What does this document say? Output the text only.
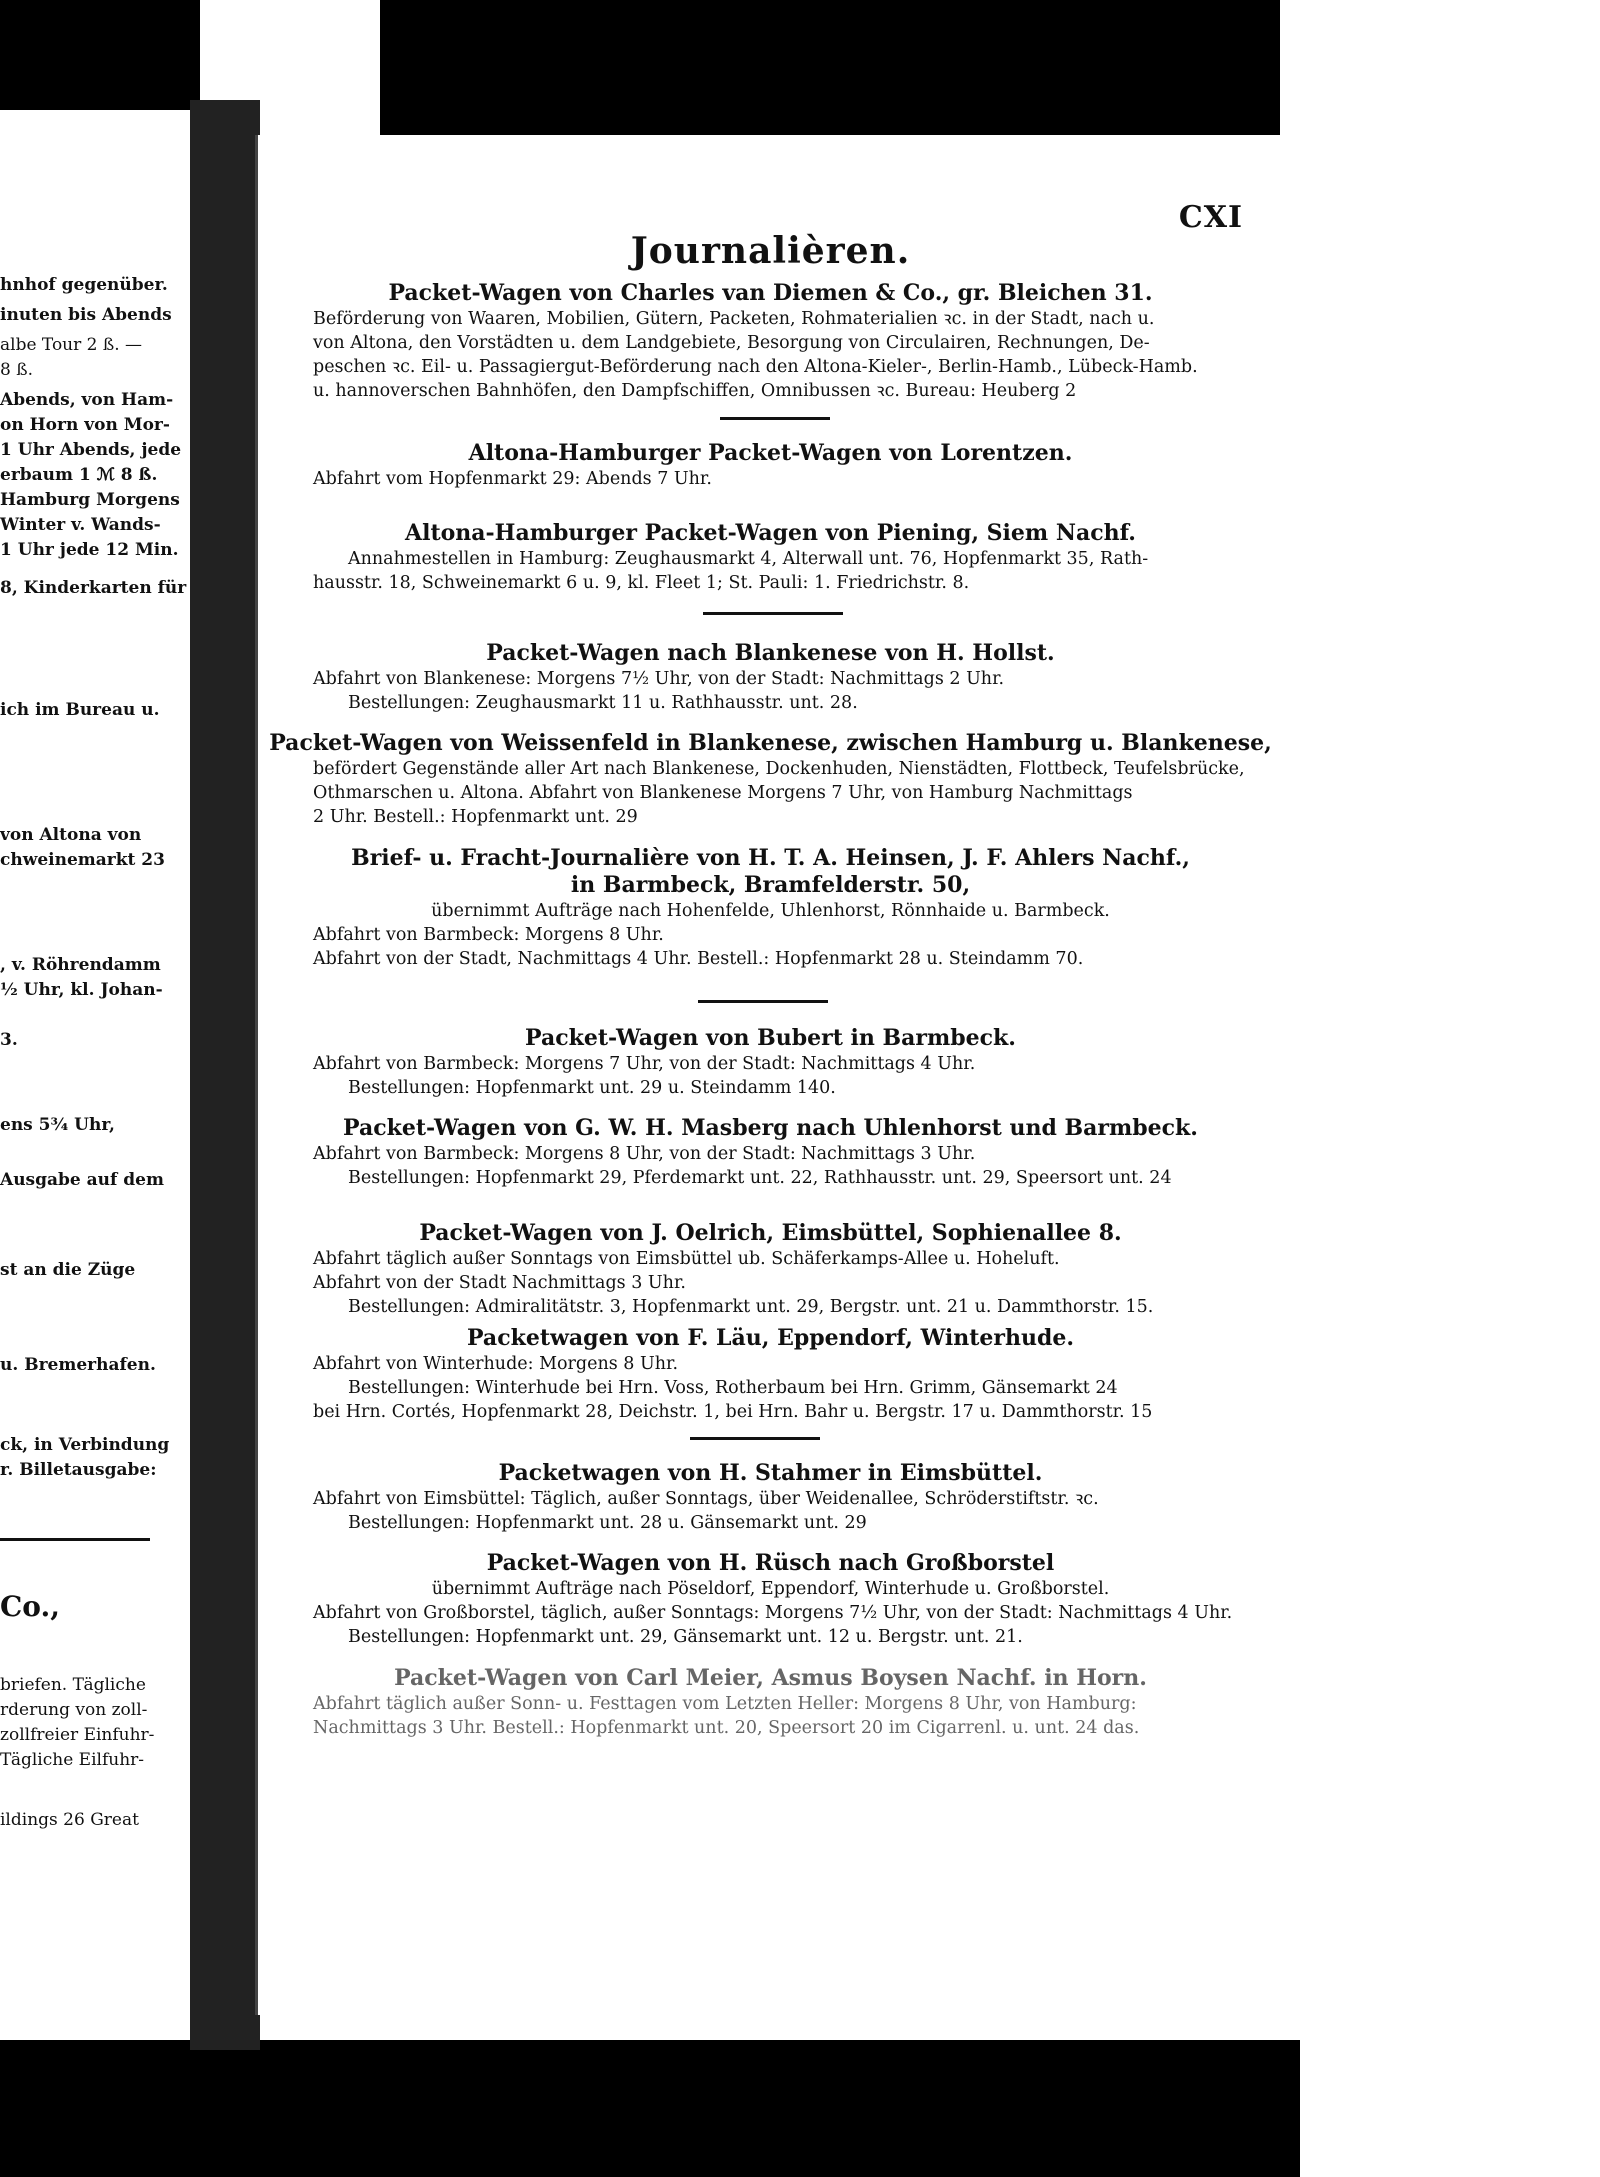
hnhof gegenüber.
inuten bis Abends
albe Tour 2 ß. —
8 ß.
Abends, von Ham-
on Horn von Mor-
1 Uhr Abends, jede
erbaum 1 ℳ 8 ß.
Hamburg Morgens
Winter v. Wands-
1 Uhr jede 12 Min.
8, Kinderkarten für
ich im Bureau u.
von Altona von
chweinemarkt 23
, v. Röhrendamm
½ Uhr, kl. Johan-
3.
ens 5¾ Uhr,
Ausgabe auf dem
st an die Züge
u. Bremerhafen.
ck, in Verbindung
r. Billetausgabe:
Co.,
briefen. Tägliche
rderung von zoll-
zollfreier Einfuhr-
Tägliche Eilfuhr-
ildings 26 Great
CXI
Journalièren.
Packet-Wagen von Charles van Diemen & Co., gr. Bleichen 31.
Beförderung von Waaren, Mobilien, Gütern, Packeten, Rohmaterialien ꝛc. in der Stadt, nach u.
von Altona, den Vorstädten u. dem Landgebiete, Besorgung von Circulairen, Rechnungen, De-
peschen ꝛc. Eil- u. Passagiergut-Beförderung nach den Altona-Kieler-, Berlin-Hamb., Lübeck-Hamb.
u. hannoverschen Bahnhöfen, den Dampfschiffen, Omnibussen ꝛc. Bureau: Heuberg 2
Altona-Hamburger Packet-Wagen von Lorentzen.
Abfahrt vom Hopfenmarkt 29: Abends 7 Uhr.
Altona-Hamburger Packet-Wagen von Piening, Siem Nachf.
Annahmestellen in Hamburg: Zeughausmarkt 4, Alterwall unt. 76, Hopfenmarkt 35, Rath-
hausstr. 18, Schweinemarkt 6 u. 9, kl. Fleet 1; St. Pauli: 1. Friedrichstr. 8.
Packet-Wagen nach Blankenese von H. Hollst.
Abfahrt von Blankenese: Morgens 7½ Uhr, von der Stadt: Nachmittags 2 Uhr.
Bestellungen: Zeughausmarkt 11 u. Rathhausstr. unt. 28.
Packet-Wagen von Weissenfeld in Blankenese, zwischen Hamburg u. Blankenese,
befördert Gegenstände aller Art nach Blankenese, Dockenhuden, Nienstädten, Flottbeck, Teufelsbrücke,
Othmarschen u. Altona. Abfahrt von Blankenese Morgens 7 Uhr, von Hamburg Nachmittags
2 Uhr. Bestell.: Hopfenmarkt unt. 29
Brief- u. Fracht-Journalière von H. T. A. Heinsen, J. F. Ahlers Nachf.,
in Barmbeck, Bramfelderstr. 50,
übernimmt Aufträge nach Hohenfelde, Uhlenhorst, Rönnhaide u. Barmbeck.
Abfahrt von Barmbeck: Morgens 8 Uhr.
Abfahrt von der Stadt, Nachmittags 4 Uhr. Bestell.: Hopfenmarkt 28 u. Steindamm 70.
Packet-Wagen von Bubert in Barmbeck.
Abfahrt von Barmbeck: Morgens 7 Uhr, von der Stadt: Nachmittags 4 Uhr.
Bestellungen: Hopfenmarkt unt. 29 u. Steindamm 140.
Packet-Wagen von G. W. H. Masberg nach Uhlenhorst und Barmbeck.
Abfahrt von Barmbeck: Morgens 8 Uhr, von der Stadt: Nachmittags 3 Uhr.
Bestellungen: Hopfenmarkt 29, Pferdemarkt unt. 22, Rathhausstr. unt. 29, Speersort unt. 24
Packet-Wagen von J. Oelrich, Eimsbüttel, Sophienallee 8.
Abfahrt täglich außer Sonntags von Eimsbüttel ub. Schäferkamps-Allee u. Hoheluft.
Abfahrt von der Stadt Nachmittags 3 Uhr.
Bestellungen: Admiralitätstr. 3, Hopfenmarkt unt. 29, Bergstr. unt. 21 u. Dammthorstr. 15.
Packetwagen von F. Läu, Eppendorf, Winterhude.
Abfahrt von Winterhude: Morgens 8 Uhr.
Bestellungen: Winterhude bei Hrn. Voss, Rotherbaum bei Hrn. Grimm, Gänsemarkt 24
bei Hrn. Cortés, Hopfenmarkt 28, Deichstr. 1, bei Hrn. Bahr u. Bergstr. 17 u. Dammthorstr. 15
Packetwagen von H. Stahmer in Eimsbüttel.
Abfahrt von Eimsbüttel: Täglich, außer Sonntags, über Weidenallee, Schröderstiftstr. ꝛc.
Bestellungen: Hopfenmarkt unt. 28 u. Gänsemarkt unt. 29
Packet-Wagen von H. Rüsch nach Großborstel
übernimmt Aufträge nach Pöseldorf, Eppendorf, Winterhude u. Großborstel.
Abfahrt von Großborstel, täglich, außer Sonntags: Morgens 7½ Uhr, von der Stadt: Nachmittags 4 Uhr.
Bestellungen: Hopfenmarkt unt. 29, Gänsemarkt unt. 12 u. Bergstr. unt. 21.
Packet-Wagen von Carl Meier, Asmus Boysen Nachf. in Horn.
Abfahrt täglich außer Sonn- u. Festtagen vom Letzten Heller: Morgens 8 Uhr, von Hamburg:
Nachmittags 3 Uhr. Bestell.: Hopfenmarkt unt. 20, Speersort 20 im Cigarrenl. u. unt. 24 das.
